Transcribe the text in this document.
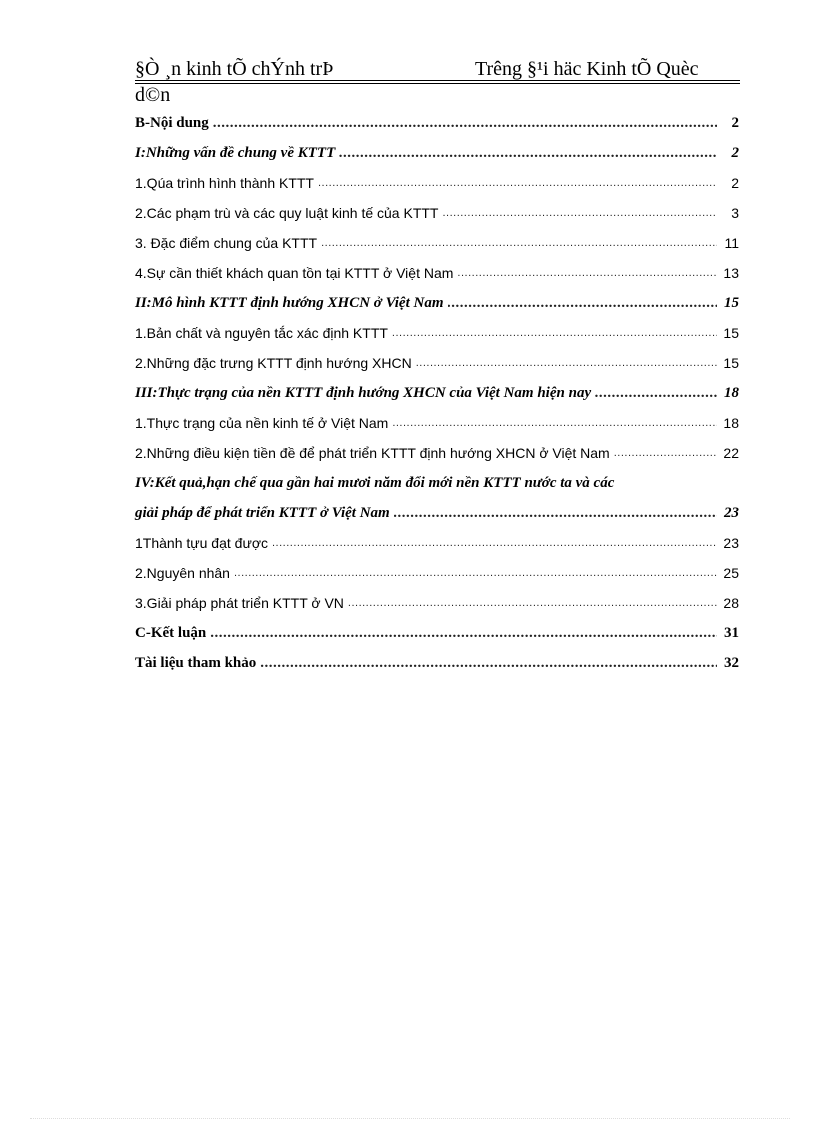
§Ò ¸n kinh tÕ chÝnh trÞ	Trêng §¹i häc Kinh tÕ Quèc
d©n
B-Nội dung .....	2
I:Những vấn đề chung về KTTT .....	2
1.Qúa trình hình thành KTTT .....	2
2.Các phạm trù và các quy luật kinh tế của KTTT .....	3
3. Đặc điểm chung của KTTT .....	11
4.Sự cần thiết khách quan tồn tại KTTT ở Việt Nam .....	13
II:Mô hình KTTT định hướng XHCN ở Việt Nam .....	15
1.Bản chất và nguyên tắc xác định KTTT .....	15
2.Những đặc trưng KTTT định hướng XHCN .....	15
III:Thực trạng của nền KTTT định hướng XHCN của Việt Nam hiện nay .....	18
1.Thực trạng của nền kinh tế ở Việt Nam .....	18
2.Những điều kiện tiền đề để phát triển KTTT định hướng XHCN ở Việt Nam .....	22
IV:Kết quả,hạn chế qua gần hai mươi năm đổi mới nền KTTT nước ta và các
giải pháp để phát triển KTTT ở Việt Nam .....	23
1Thành tựu đạt được .....	23
2.Nguyên nhân .....	25
3.Giải pháp phát triển KTTT ở VN .....	28
C-Kết luận .....	31
Tài liệu tham khảo .....	32
